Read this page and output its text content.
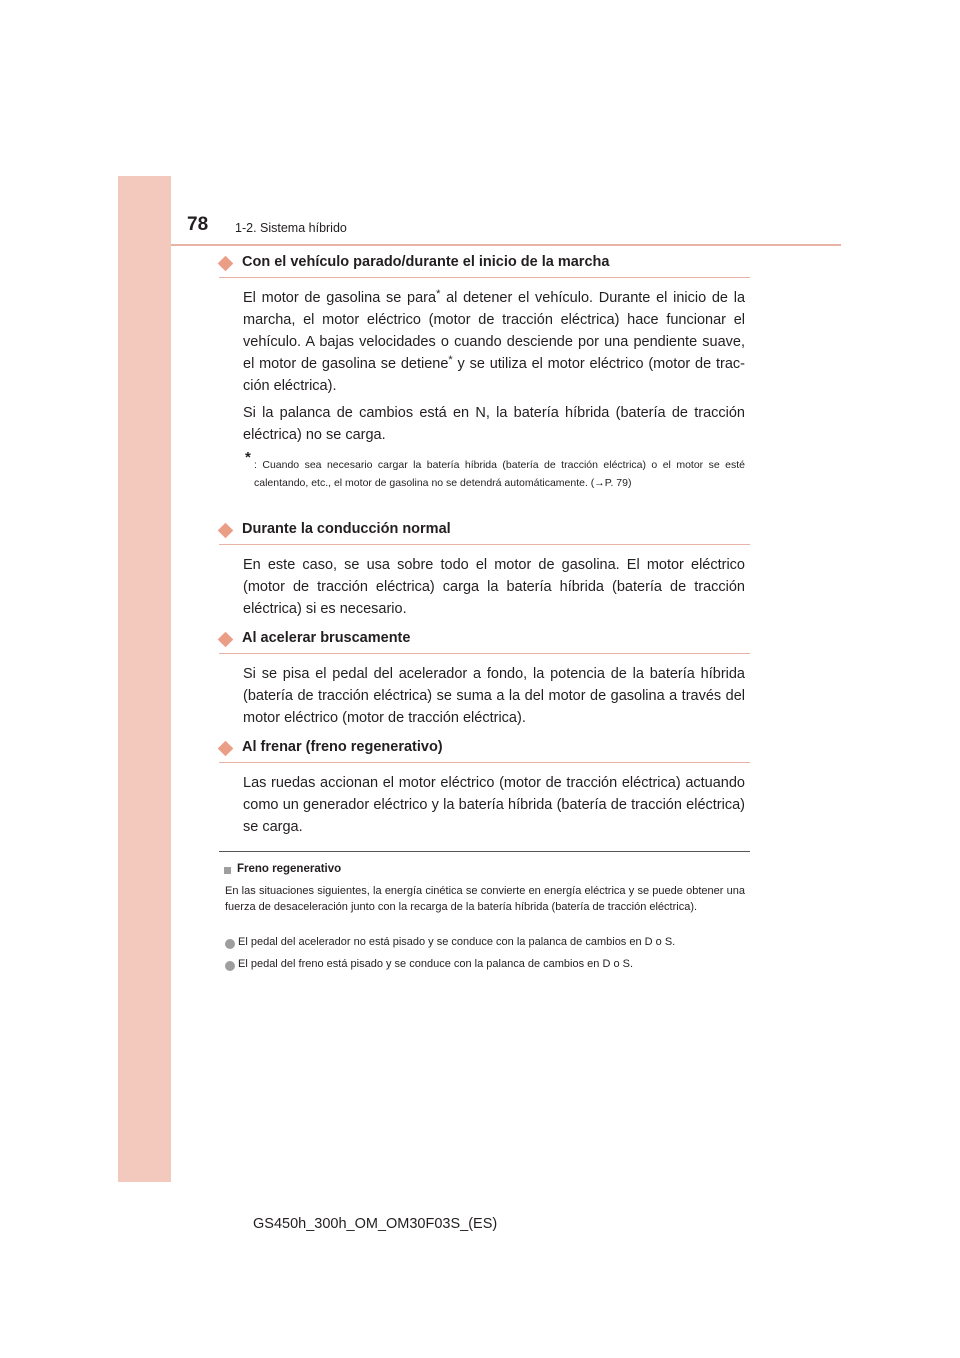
78 1-2. Sistema híbrido
Con el vehículo parado/durante el inicio de la marcha

El motor de gasolina se para* al detener el vehículo. Durante el inicio de la marcha, el motor eléctrico (motor de tracción eléctrica) hace funcionar el vehículo. A bajas velocidades o cuando desciende por una pendiente suave, el motor de gasolina se detiene* y se utiliza el motor eléctrico (motor de tracción eléctrica).

Si la palanca de cambios está en N, la batería híbrida (batería de tracción eléctrica) no se carga.

* : Cuando sea necesario cargar la batería híbrida (batería de tracción eléctrica) o el motor se esté calentando, etc., el motor de gasolina no se detendrá automáticamente. (→P. 79)

Durante la conducción normal

En este caso, se usa sobre todo el motor de gasolina. El motor eléctrico (motor de tracción eléctrica) carga la batería híbrida (batería de tracción eléctrica) si es necesario.

Al acelerar bruscamente

Si se pisa el pedal del acelerador a fondo, la potencia de la batería híbrida (batería de tracción eléctrica) se suma a la del motor de gasolina a través del motor eléctrico (motor de tracción eléctrica).

Al frenar (freno regenerativo)

Las ruedas accionan el motor eléctrico (motor de tracción eléctrica) actuando como un generador eléctrico y la batería híbrida (batería de tracción eléctrica) se carga.

Freno regenerativo

En las situaciones siguientes, la energía cinética se convierte en energía eléctrica y se puede obtener una fuerza de desaceleración junto con la recarga de la batería híbrida (batería de tracción eléctrica).

El pedal del acelerador no está pisado y se conduce con la palanca de cambios en D o S.
El pedal del freno está pisado y se conduce con la palanca de cambios en D o S.
GS450h_300h_OM_OM30F03S_(ES)
